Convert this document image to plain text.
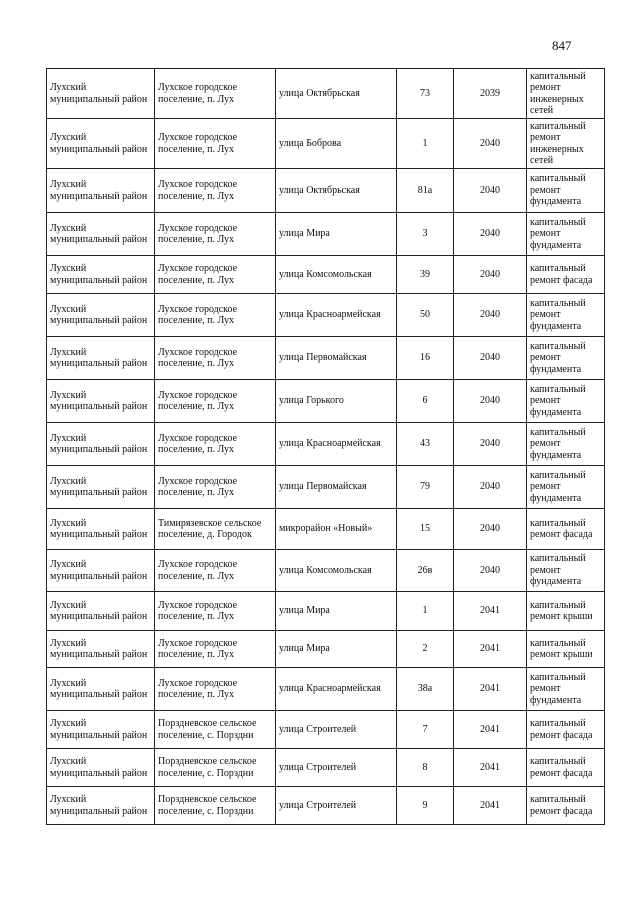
847
Лухский муниципальный район	Лухское городское поселение, п. Лух	улица Октябрьская	73	2039	капитальный ремонт инженерных сетей
Лухский муниципальный район	Лухское городское поселение, п. Лух	улица Боброва	1	2040	капитальный ремонт инженерных сетей
Лухский муниципальный район	Лухское городское поселение, п. Лух	улица Октябрьская	81а	2040	капитальный ремонт фундамента
Лухский муниципальный район	Лухское городское поселение, п. Лух	улица Мира	3	2040	капитальный ремонт фундамента
Лухский муниципальный район	Лухское городское поселение, п. Лух	улица Комсомольская	39	2040	капитальный ремонт фасада
Лухский муниципальный район	Лухское городское поселение, п. Лух	улица Красноармейская	50	2040	капитальный ремонт фундамента
Лухский муниципальный район	Лухское городское поселение, п. Лух	улица Первомайская	16	2040	капитальный ремонт фундамента
Лухский муниципальный район	Лухское городское поселение, п. Лух	улица Горького	6	2040	капитальный ремонт фундамента
Лухский муниципальный район	Лухское городское поселение, п. Лух	улица Красноармейская	43	2040	капитальный ремонт фундамента
Лухский муниципальный район	Лухское городское поселение, п. Лух	улица Первомайская	79	2040	капитальный ремонт фундамента
Лухский муниципальный район	Тимирязевское сельское поселение, д. Городок	микрорайон «Новый»	15	2040	капитальный ремонт фасада
Лухский муниципальный район	Лухское городское поселение, п. Лух	улица Комсомольская	26в	2040	капитальный ремонт фундамента
Лухский муниципальный район	Лухское городское поселение, п. Лух	улица Мира	1	2041	капитальный ремонт крыши
Лухский муниципальный район	Лухское городское поселение, п. Лух	улица Мира	2	2041	капитальный ремонт крыши
Лухский муниципальный район	Лухское городское поселение, п. Лух	улица Красноармейская	38а	2041	капитальный ремонт фундамента
Лухский муниципальный район	Порздневское сельское поселение, с. Порздни	улица Строителей	7	2041	капитальный ремонт фасада
Лухский муниципальный район	Порздневское сельское поселение, с. Порздни	улица Строителей	8	2041	капитальный ремонт фасада
Лухский муниципальный район	Порздневское сельское поселение, с. Порздни	улица Строителей	9	2041	капитальный ремонт фасада
